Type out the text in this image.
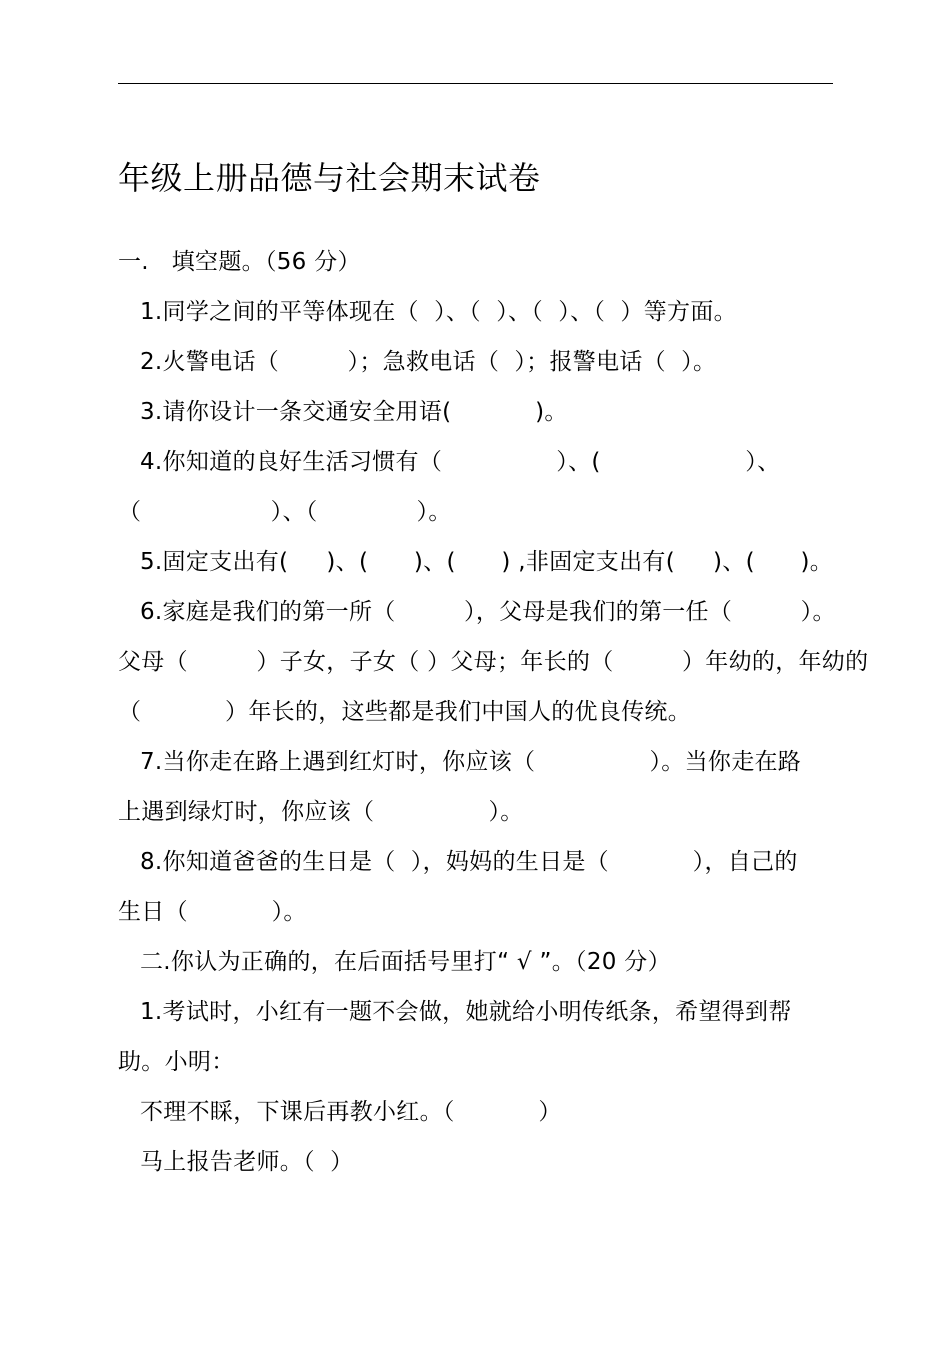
年级上册品德与社会期末试卷
一.   填空题。（56 分）
1.同学之间的平等体现在（  ）、（  ）、（  ）、（  ）等方面。
2.火警电话（         ）；急救电话（  ）；报警电话（  ）。
3.请你设计一条交通安全用语(           )。
4.你知道的良好生活习惯有（               ）、(                   ）、
（                 ）、（             ）。
5.固定支出有(     )、(      )、(      ) ,非固定支出有(     )、(      )。
6.家庭是我们的第一所（         ），父母是我们的第一任（         ）。
父母（         ）子女，子女（ ）父母；年长的（         ）年幼的，年幼的
（           ）年长的，这些都是我们中国人的优良传统。
7.当你走在路上遇到红灯时，你应该（               ）。当你走在路
上遇到绿灯时，你应该（               ）。
8.你知道爸爸的生日是（  ），妈妈的生日是（           ），自己的
生日（           ）。
二.你认为正确的，在后面括号里打“ √ ”。（20 分）
1.考试时，小红有一题不会做，她就给小明传纸条，希望得到帮
助。小明：
不理不睬，下课后再教小红。（           ）
马上报告老师。（  ）
